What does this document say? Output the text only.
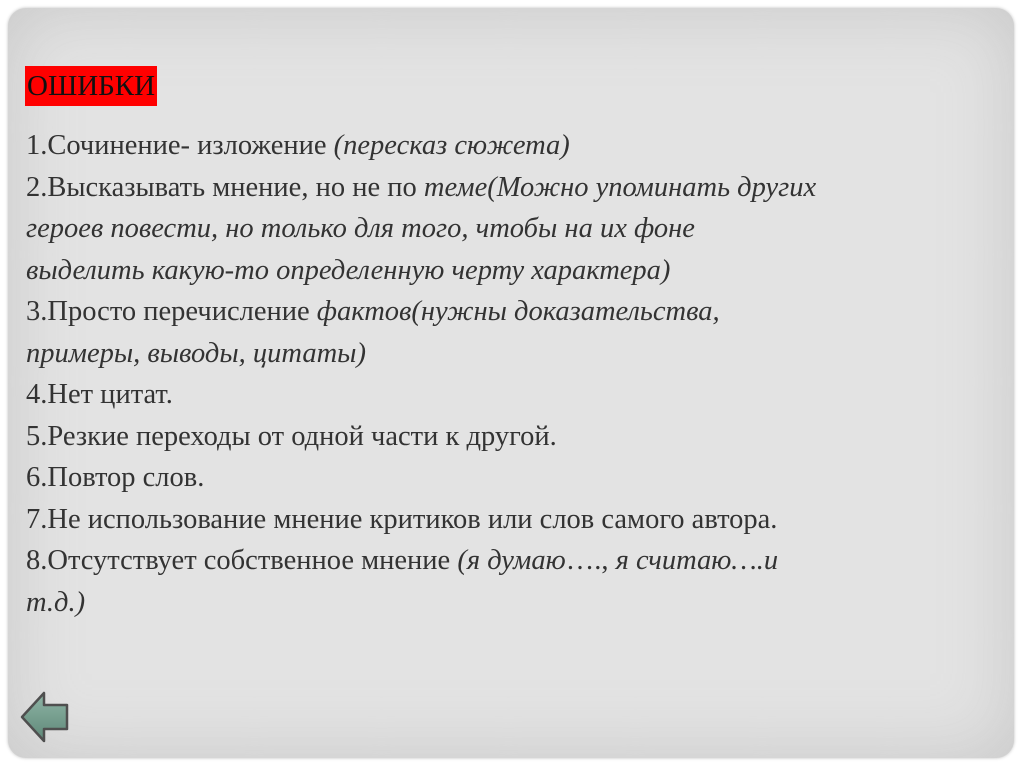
ОШИБКИ
1.Сочинение- изложение (пересказ сюжета)
2.Высказывать мнение, но не по теме(Можно упоминать других
героев повести, но только для того, чтобы на их фоне
выделить какую-то определенную черту характера)
3.Просто перечисление фактов(нужны доказательства,
примеры, выводы, цитаты)
4.Нет цитат.
5.Резкие переходы от одной части к другой.
6.Повтор слов.
7.Не использование мнение критиков или слов самого автора.
8.Отсутствует собственное мнение (я думаю…., я считаю….и
т.д.)
